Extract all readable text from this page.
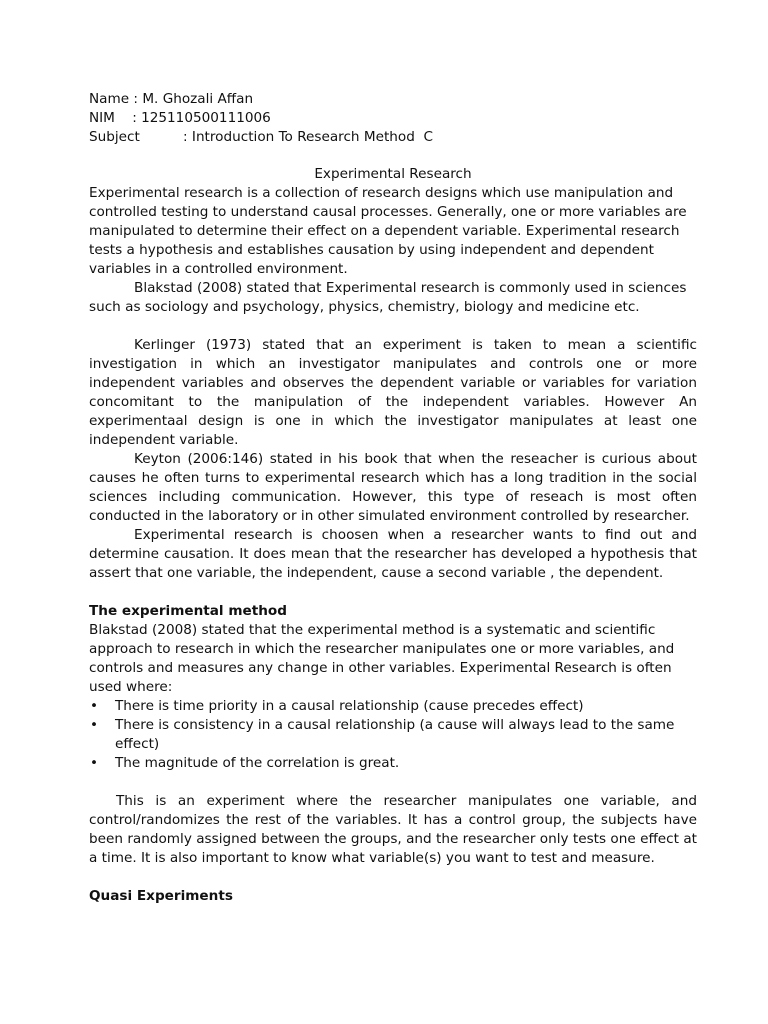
Name : M. Ghozali Affan

NIM    : 125110500111006

Subject          : Introduction To Research Method  C

Experimental Research

Experimental research is a collection of research designs which use manipulation and controlled testing to understand causal processes. Generally, one or more variables are manipulated to determine their effect on a dependent variable. Experimental research tests a hypothesis and establishes causation by using independent and dependent variables in a controlled environment.

Blakstad (2008) stated that Experimental research is commonly used in sciences such as sociology and psychology, physics, chemistry, biology and medicine etc.

Kerlinger (1973) stated that an experiment is taken to mean a scientific investigation in which an investigator manipulates and controls one or more independent variables and observes the dependent variable or variables for variation concomitant to the manipulation of the independent variables. However An experimentaal design is one in which the investigator manipulates at least one independent variable.

Keyton (2006:146) stated in his book that when the reseacher is curious about causes he often turns to experimental research which has a long tradition in the social sciences including communication. However, this type of reseach is most often conducted in the laboratory or in other simulated environment controlled by researcher.

Experimental research is choosen when a researcher wants to find out and determine causation. It does mean that the researcher has developed a hypothesis that assert that one variable, the independent, cause a second variable , the dependent.

The experimental method

Blakstad (2008) stated that the experimental method is a systematic and scientific approach to research in which the researcher manipulates one or more variables, and controls and measures any change in other variables. Experimental Research is often used where:

• There is time priority in a causal relationship (cause precedes effect)
• There is consistency in a causal relationship (a cause will always lead to the same effect)
• The magnitude of the correlation is great.

This is an experiment where the researcher manipulates one variable, and control/randomizes the rest of the variables. It has a control group, the subjects have been randomly assigned between the groups, and the researcher only tests one effect at a time. It is also important to know what variable(s) you want to test and measure.

Quasi Experiments
